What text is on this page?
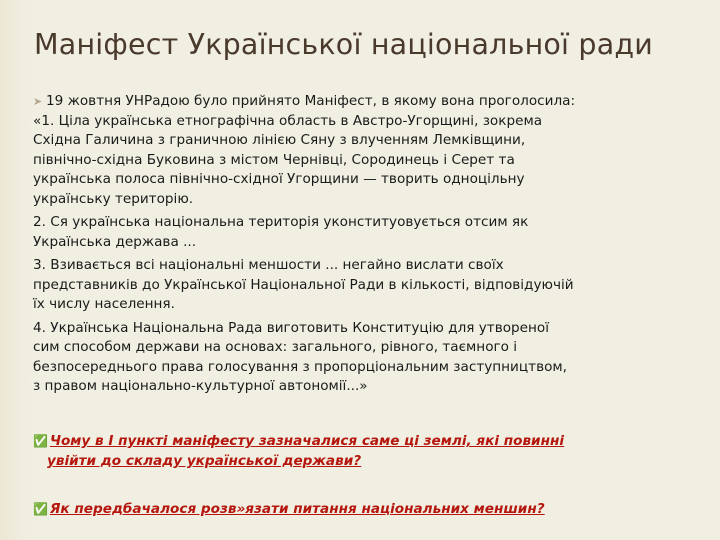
Маніфест Української національної ради
➤ 19 жовтня УНРадою було прийнято Маніфест, в якому вона проголосила:
«1. Ціла українська етнографічна область в Австро-Угорщині, зокрема
Східна Галичина з граничною лінією Сяну з влученням Лемківщини,
північно-східна Буковина з містом Чернівці, Сородинець і Серет та
українська полоса північно-східної Угорщини — творить одноцільну
українську територію.
2. Ся українська національна територія уконституовується отсим як
Українська держава ...
3. Взивається всі національні меншости ... негайно вислати своїх
представників до Української Національної Ради в кількості, відповідуючій
їх числу населення.
4. Українська Національна Рада виготовить Конституцію для утвореної
сим способом держави на основах: загального, рівного, таємного і
безпосереднього права голосування з пропорціональним заступництвом,
з правом національно-культурної автономії...»
✅ Чому в І пункті маніфесту зазначалися саме ці землі, які повинні
увійти до складу української держави?
✅ Як передбачалося розв»язати питання національних меншин?
